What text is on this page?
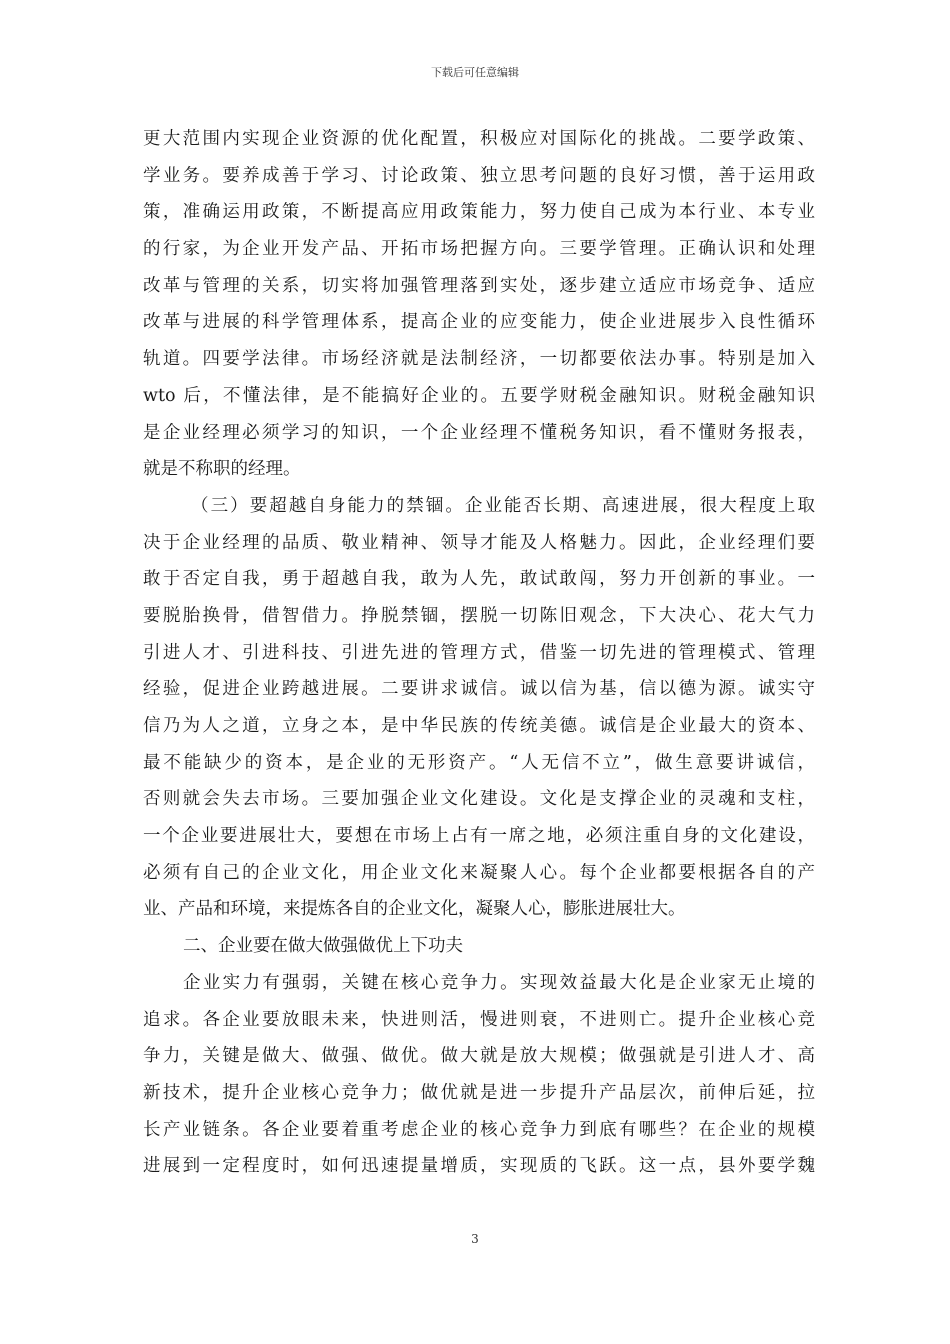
下载后可任意编辑
更大范围内实现企业资源的优化配置，积极应对国际化的挑战。二要学政策、
学业务。要养成善于学习、讨论政策、独立思考问题的良好习惯，善于运用政
策，准确运用政策，不断提高应用政策能力，努力使自己成为本行业、本专业
的行家，为企业开发产品、开拓市场把握方向。三要学管理。正确认识和处理
改革与管理的关系，切实将加强管理落到实处，逐步建立适应市场竞争、适应
改革与进展的科学管理体系，提高企业的应变能力，使企业进展步入良性循环
轨道。四要学法律。市场经济就是法制经济，一切都要依法办事。特别是加入
wto 后，不懂法律，是不能搞好企业的。五要学财税金融知识。财税金融知识
是企业经理必须学习的知识，一个企业经理不懂税务知识，看不懂财务报表，
就是不称职的经理。
（三）要超越自身能力的禁锢。企业能否长期、高速进展，很大程度上取
决于企业经理的品质、敬业精神、领导才能及人格魅力。因此，企业经理们要
敢于否定自我，勇于超越自我，敢为人先，敢试敢闯，努力开创新的事业。一
要脱胎换骨，借智借力。挣脱禁锢，摆脱一切陈旧观念，下大决心、花大气力
引进人才、引进科技、引进先进的管理方式，借鉴一切先进的管理模式、管理
经验，促进企业跨越进展。二要讲求诚信。诚以信为基，信以德为源。诚实守
信乃为人之道，立身之本，是中华民族的传统美德。诚信是企业最大的资本、
最不能缺少的资本，是企业的无形资产。“人无信不立”，做生意要讲诚信，
否则就会失去市场。三要加强企业文化建设。文化是支撑企业的灵魂和支柱，
一个企业要进展壮大，要想在市场上占有一席之地，必须注重自身的文化建设，
必须有自己的企业文化，用企业文化来凝聚人心。每个企业都要根据各自的产
业、产品和环境，来提炼各自的企业文化，凝聚人心，膨胀进展壮大。
二、企业要在做大做强做优上下功夫
企业实力有强弱，关键在核心竞争力。实现效益最大化是企业家无止境的
追求。各企业要放眼未来，快进则活，慢进则衰，不进则亡。提升企业核心竞
争力，关键是做大、做强、做优。做大就是放大规模；做强就是引进人才、高
新技术，提升企业核心竞争力；做优就是进一步提升产品层次，前伸后延，拉
长产业链条。各企业要着重考虑企业的核心竞争力到底有哪些？在企业的规模
进展到一定程度时，如何迅速提量增质，实现质的飞跃。这一点，县外要学魏
3
